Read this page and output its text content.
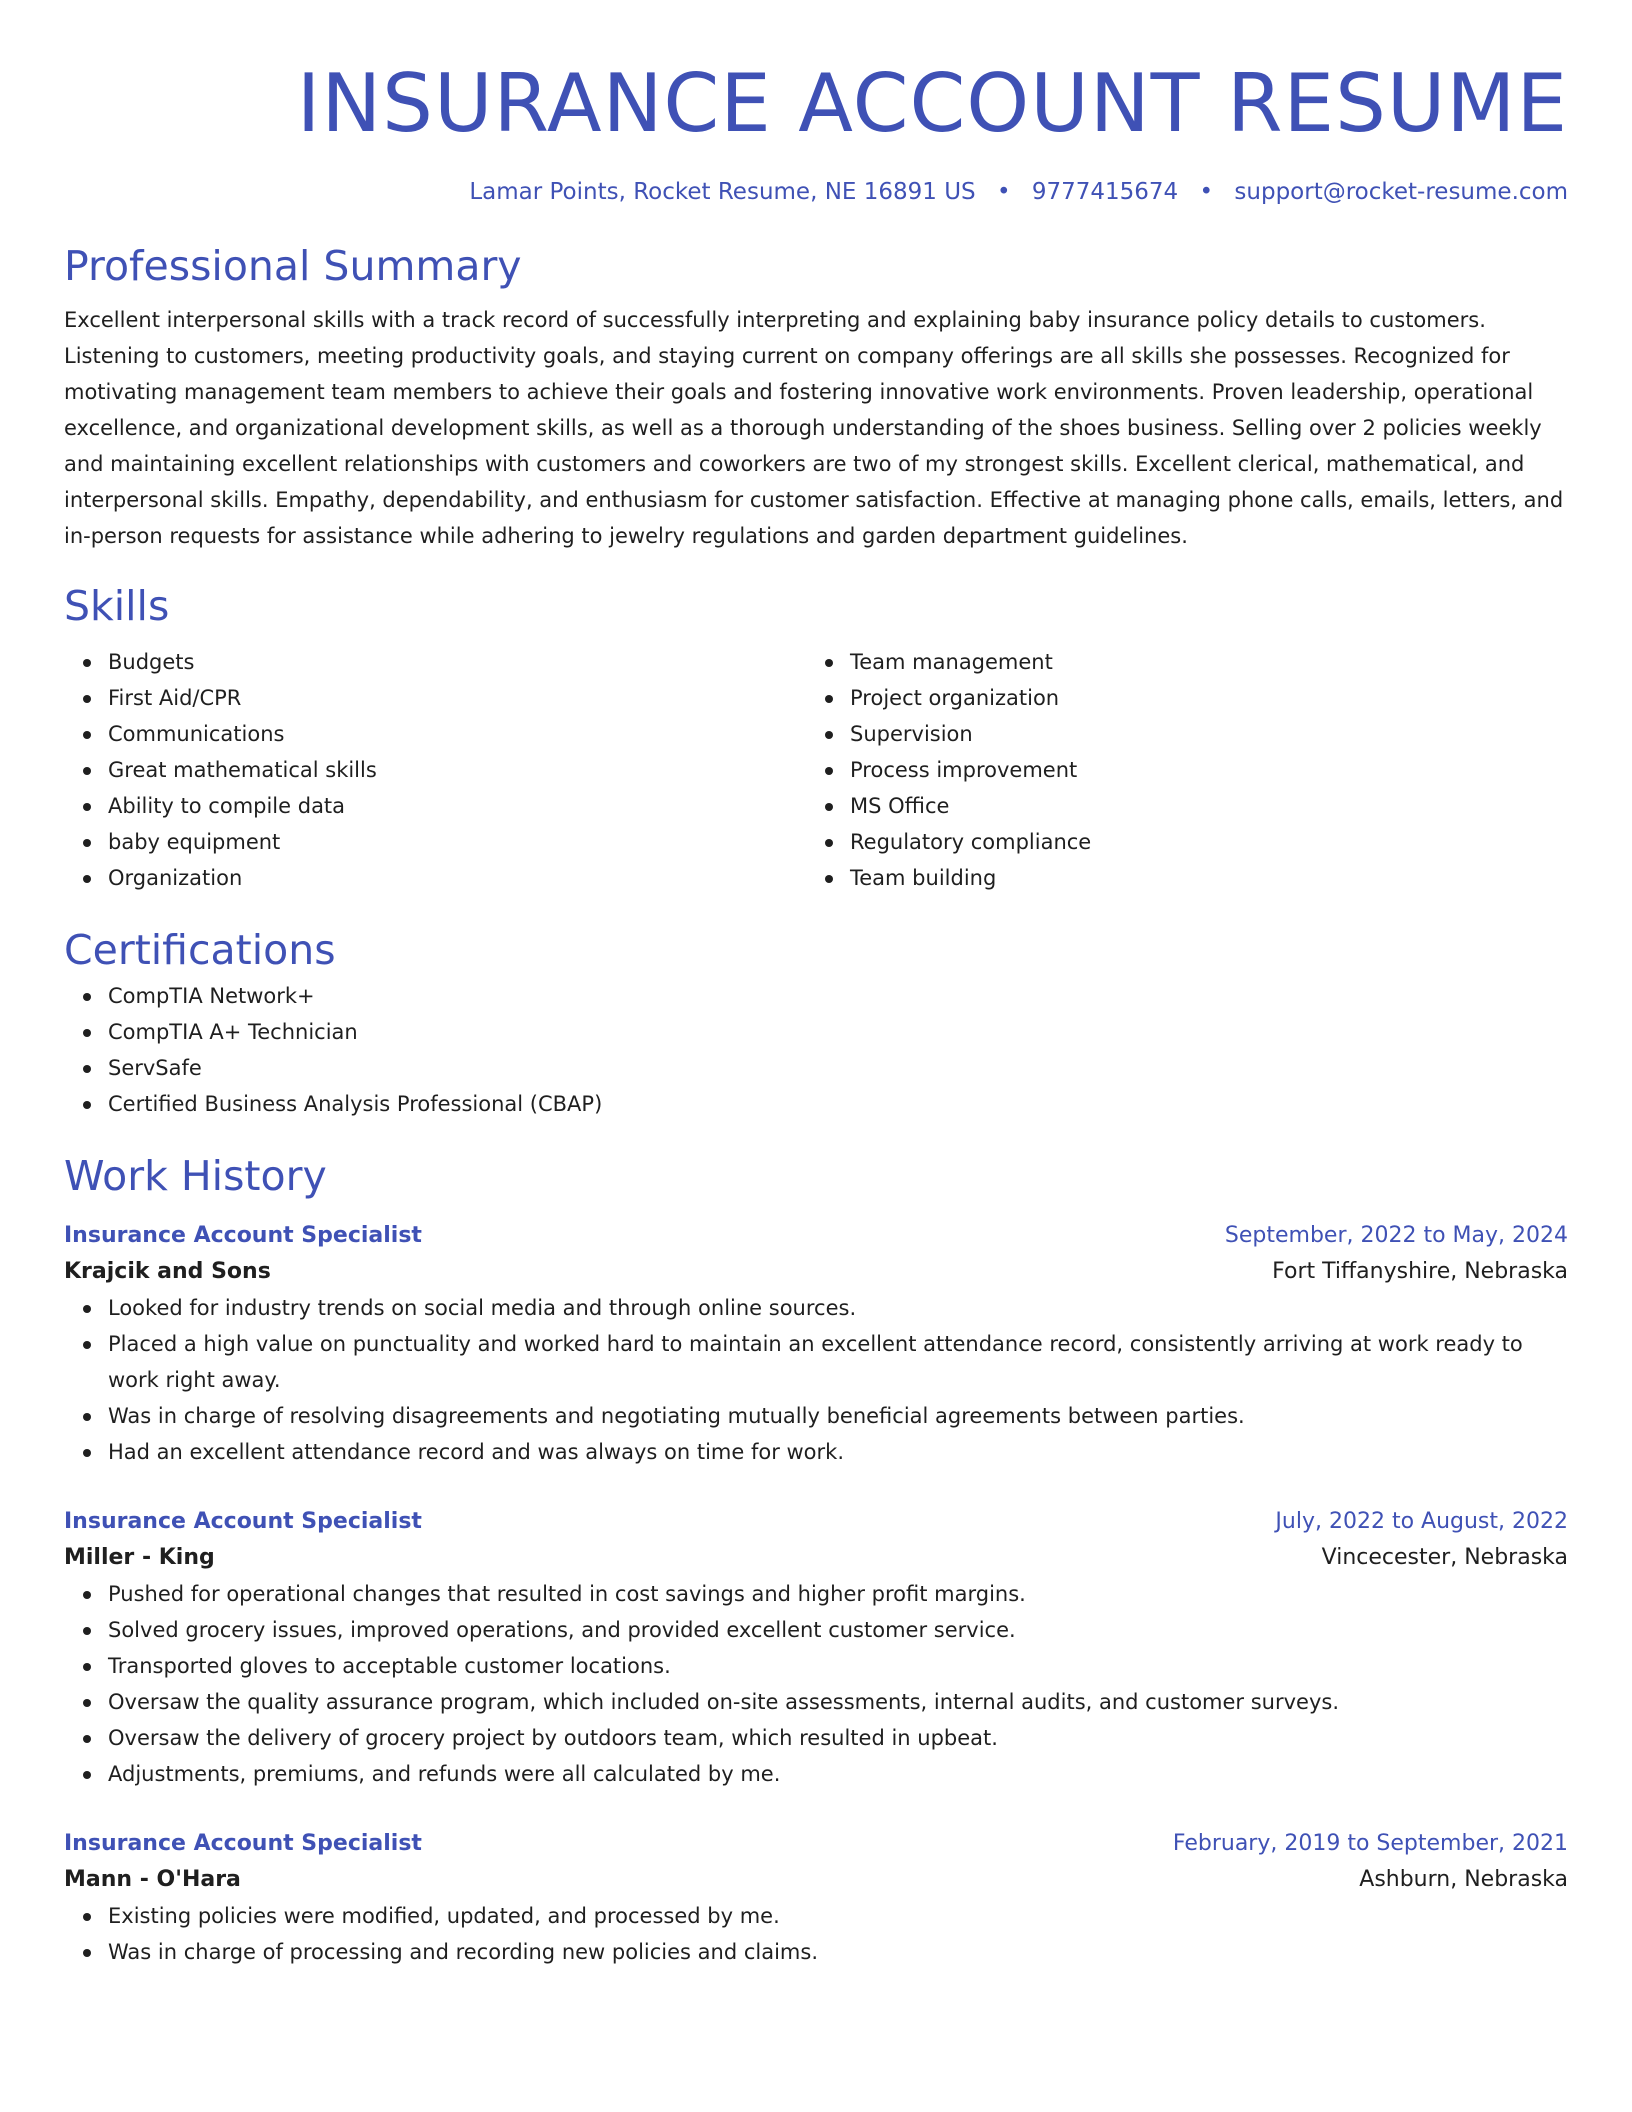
INSURANCE ACCOUNT RESUME
Lamar Points, Rocket Resume, NE 16891 US • 9777415674 • support@rocket-resume.com
Professional Summary

Excellent interpersonal skills with a track record of successfully interpreting and explaining baby insurance policy details to customers. Listening to customers, meeting productivity goals, and staying current on company offerings are all skills she possesses. Recognized for motivating management team members to achieve their goals and fostering innovative work environments. Proven leadership, operational excellence, and organizational development skills, as well as a thorough understanding of the shoes business. Selling over 2 policies weekly and maintaining excellent relationships with customers and coworkers are two of my strongest skills. Excellent clerical, mathematical, and interpersonal skills. Empathy, dependability, and enthusiasm for customer satisfaction. Effective at managing phone calls, emails, letters, and in-person requests for assistance while adhering to jewelry regulations and garden department guidelines.

Skills
Budgets
First Aid/CPR
Communications
Great mathematical skills
Ability to compile data
baby equipment
Organization
Team management
Project organization
Supervision
Process improvement
MS Office
Regulatory compliance
Team building
Certifications
CompTIA Network+
CompTIA A+ Technician
ServSafe
Certified Business Analysis Professional (CBAP)
Work History
Insurance Account Specialist	September, 2022 to May, 2024
Krajcik and Sons	Fort Tiffanyshire, Nebraska
Looked for industry trends on social media and through online sources.
Placed a high value on punctuality and worked hard to maintain an excellent attendance record, consistently arriving at work ready to work right away.
Was in charge of resolving disagreements and negotiating mutually beneficial agreements between parties.
Had an excellent attendance record and was always on time for work.
Insurance Account Specialist	July, 2022 to August, 2022
Miller - King	Vincecester, Nebraska
Pushed for operational changes that resulted in cost savings and higher profit margins.
Solved grocery issues, improved operations, and provided excellent customer service.
Transported gloves to acceptable customer locations.
Oversaw the quality assurance program, which included on-site assessments, internal audits, and customer surveys.
Oversaw the delivery of grocery project by outdoors team, which resulted in upbeat.
Adjustments, premiums, and refunds were all calculated by me.
Insurance Account Specialist	February, 2019 to September, 2021
Mann - O'Hara	Ashburn, Nebraska
Existing policies were modified, updated, and processed by me.
Was in charge of processing and recording new policies and claims.
